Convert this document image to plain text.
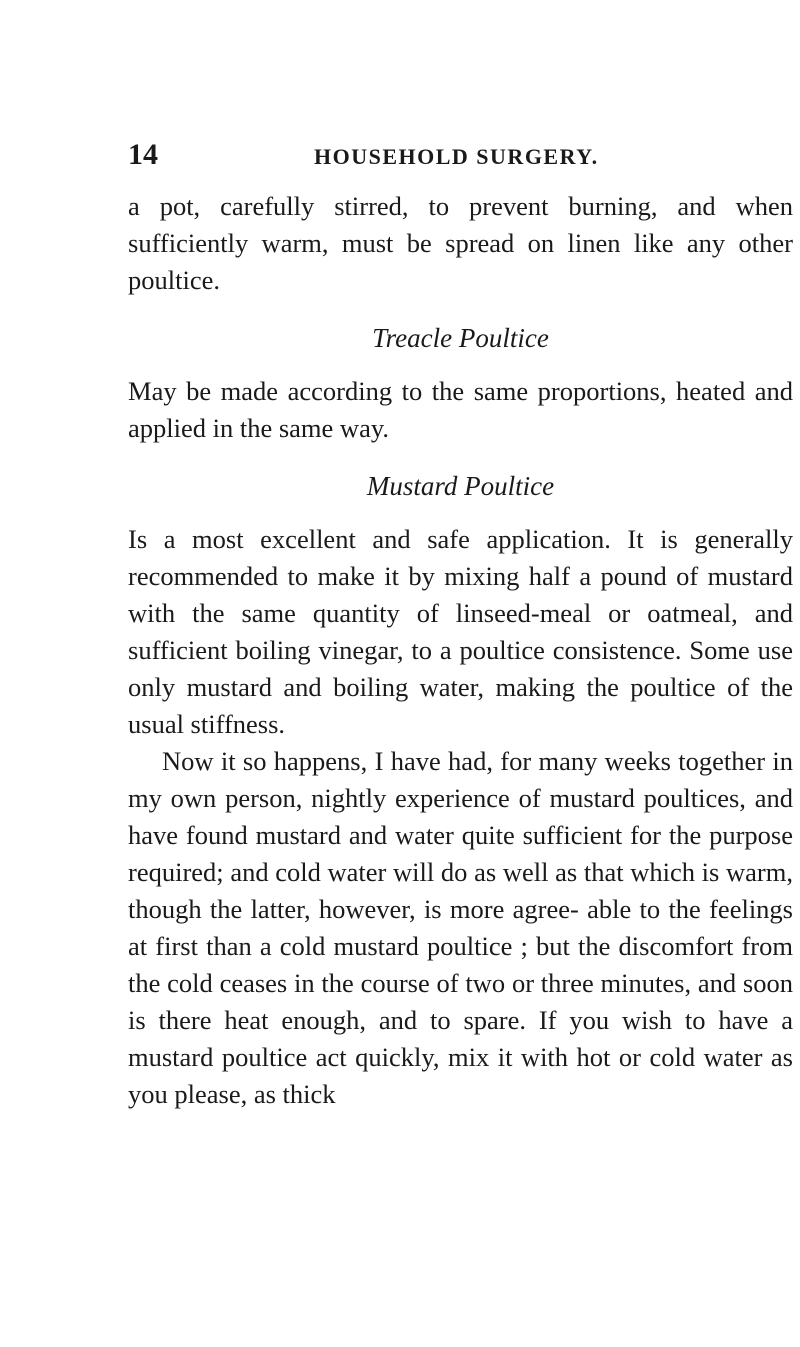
14	HOUSEHOLD SURGERY.

a pot, carefully stirred, to prevent burning, and when sufficiently warm, must be spread on linen like any other poultice.

Treacle Poultice

May be made according to the same proportions, heated and applied in the same way.

Mustard Poultice

Is a most excellent and safe application. It is generally recommended to make it by mixing half a pound of mustard with the same quantity of linseed-meal or oatmeal, and sufficient boiling vinegar, to a poultice consistence. Some use only mustard and boiling water, making the poultice of the usual stiffness.

Now it so happens, I have had, for many weeks together in my own person, nightly experience of mustard poultices, and have found mustard and water quite sufficient for the purpose required; and cold water will do as well as that which is warm, though the latter, however, is more agree- able to the feelings at first than a cold mustard poultice ; but the discomfort from the cold ceases in the course of two or three minutes, and soon is there heat enough, and to spare. If you wish to have a mustard poultice act quickly, mix it with hot or cold water as you please, as thick
